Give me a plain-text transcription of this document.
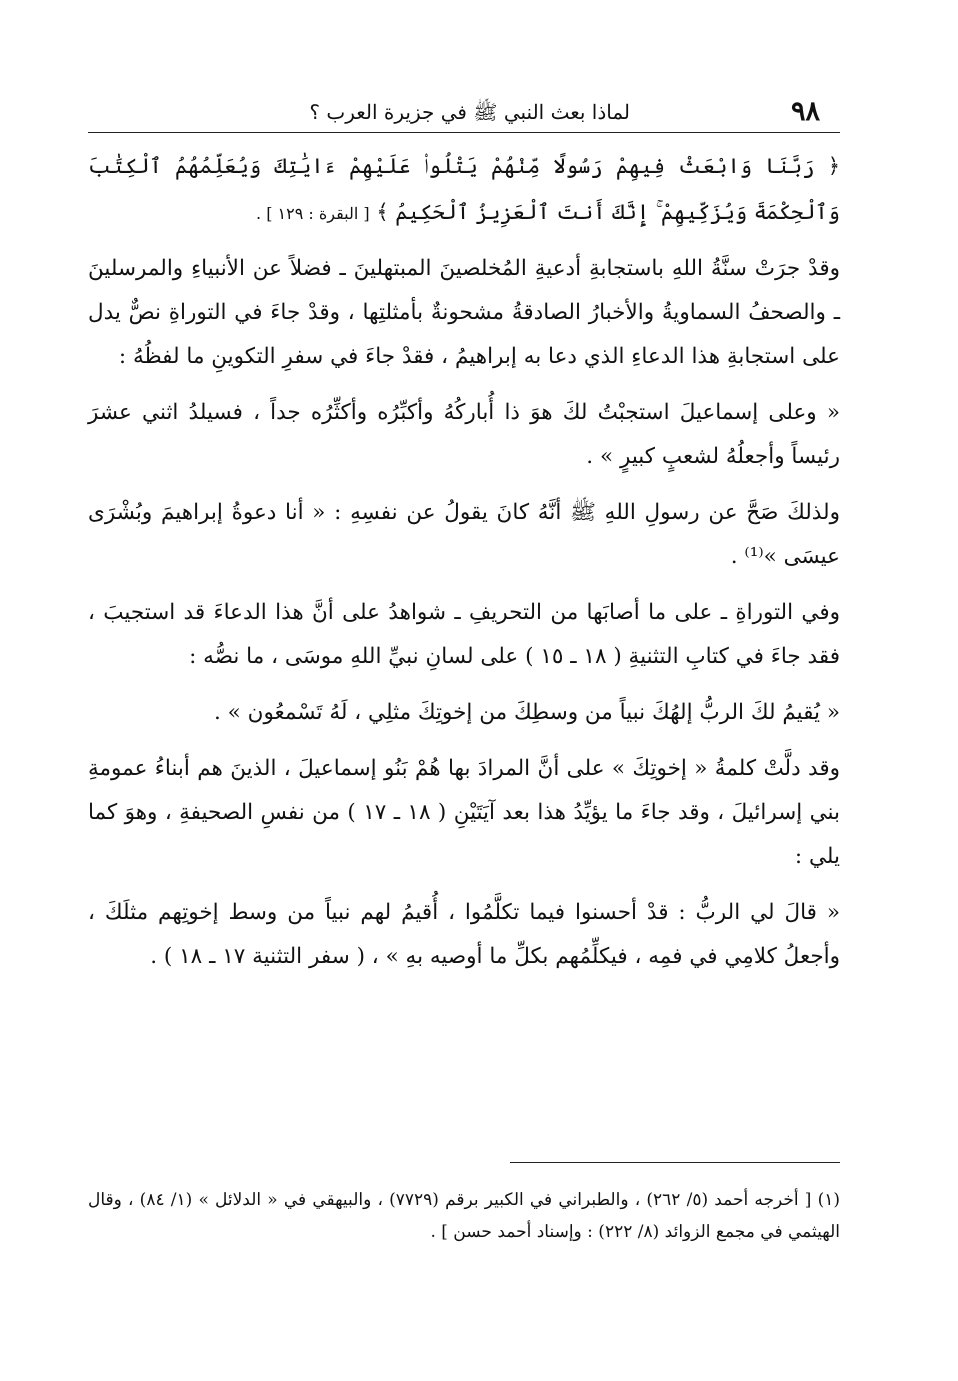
٩٨
لماذا بعث النبي ﷺ في جزيرة العرب ؟

﴿ رَبَّنَا وَابْعَثْ فِيهِمْ رَسُولًا مِّنْهُمْ يَتْلُوا۟ عَلَيْهِمْ ءَايَٰتِكَ وَيُعَلِّمُهُمُ ٱلْكِتَٰبَ وَٱلْحِكْمَةَ وَيُزَكِّيهِمْ ۚ إِنَّكَ أَنتَ ٱلْعَزِيزُ ٱلْحَكِيمُ ﴾ [ البقرة : ١٢٩ ] .

وقدْ جرَتْ سنَّةُ اللهِ باستجابةِ أدعيةِ المُخلصينَ المبتهلينَ ـ فضلاً عن الأنبياءِ والمرسلينَ ـ والصحفُ السماويةُ والأخبارُ الصادقةُ مشحونةٌ بأمثلتِها ، وقدْ جاءَ في التوراةِ نصٌّ يدل على استجابةِ هذا الدعاءِ الذي دعا به إبراهيمُ ، فقدْ جاءَ في سفرِ التكوينِ ما لفظُهُ :

« وعلى إسماعيلَ استجبْتُ لكَ هوَ ذا أُباركُهُ وأكبِّرُه وأكثِّرُه جداً ، فسيلدُ اثني عشرَ رئيساً وأجعلُهُ لشعبٍ كبيرٍ » .

ولذلكَ صَحَّ عن رسولِ اللهِ ﷺ أنَّهُ كانَ يقولُ عن نفسِهِ : « أنا دعوةُ إبراهيمَ وبُشْرَى عيسَى »⁽¹⁾ .

وفي التوراةِ ـ على ما أصابَها من التحريفِ ـ شواهدُ على أنَّ هذا الدعاءَ قد استجيبَ ، فقد جاءَ في كتابِ التثنيةِ ( ١٨ ـ ١٥ ) على لسانِ نبيِّ اللهِ موسَى ، ما نصُّه :

« يُقيمُ لكَ الربُّ إلهُكَ نبياً من وسطِكَ من إخوتِكَ مثلِي ، لَهُ تَسْمعُون » .

وقد دلَّتْ كلمةُ « إخوتِكَ » على أنَّ المرادَ بها هُمْ بَنُو إسماعيلَ ، الذينَ هم أبناءُ عمومةِ بني إسرائيلَ ، وقد جاءَ ما يؤيِّدُ هذا بعد آيَتَيْنِ ( ١٨ ـ ١٧ ) من نفسِ الصحيفةِ ، وهوَ كما يلي :

« قالَ لي الربُّ : قدْ أحسنوا فيما تكلَّمُوا ، أُقيمُ لهم نبياً من وسط إخوتِهم مثلَكَ ، وأجعلُ كلامِي في فمِه ، فيكلِّمُهم بكلِّ ما أوصيه بهِ » ، ( سفر التثنية ١٧ ـ ١٨ ) .

(١) [ أخرجه أحمد (٥/ ٢٦٢) ، والطبراني في الكبير برقم (٧٧٢٩) ، والبيهقي في « الدلائل » (١/ ٨٤) ، وقال الهيثمي في مجمع الزوائد (٨/ ٢٢٢) : وإسناد أحمد حسن ] .
